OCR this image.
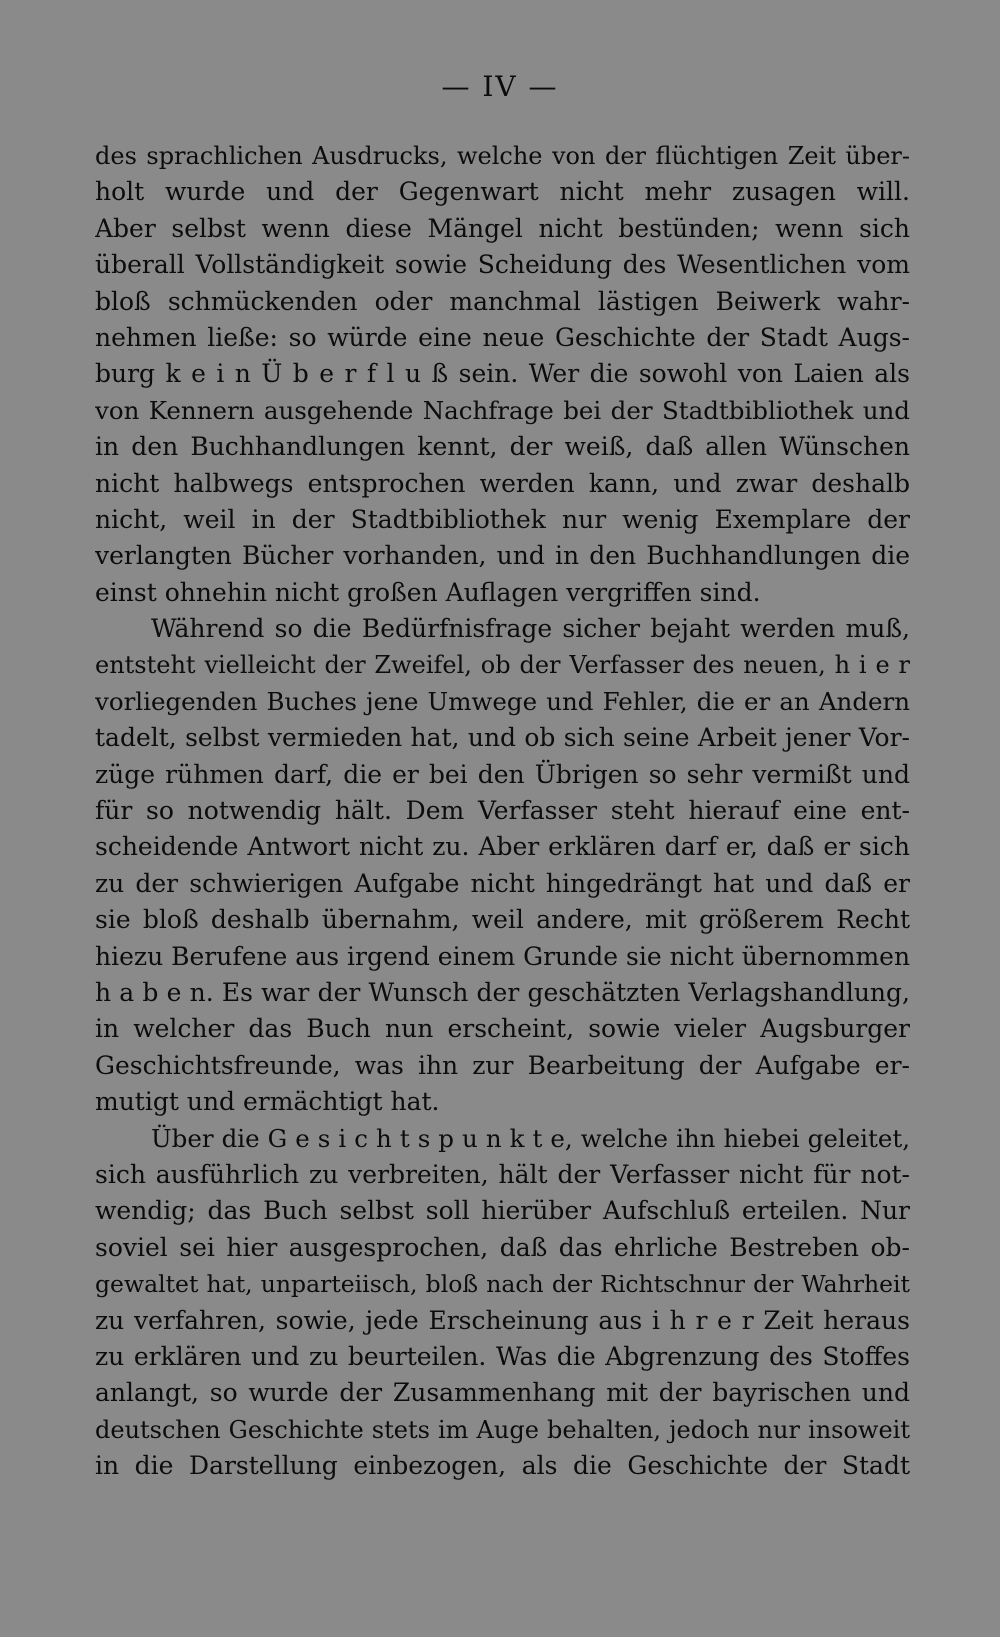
— IV —
des sprachlichen Ausdrucks, welche von der flüchtigen Zeit über-
holt wurde und der Gegenwart nicht mehr zusagen will.
Aber selbst wenn diese Mängel nicht bestünden; wenn sich
überall Vollständigkeit sowie Scheidung des Wesentlichen vom
bloß schmückenden oder manchmal lästigen Beiwerk wahr-
nehmen ließe: so würde eine neue Geschichte der Stadt Augs-
burg k e i n Ü b e r f l u ß sein. Wer die sowohl von Laien als
von Kennern ausgehende Nachfrage bei der Stadtbibliothek und
in den Buchhandlungen kennt, der weiß, daß allen Wünschen
nicht halbwegs entsprochen werden kann, und zwar deshalb
nicht, weil in der Stadtbibliothek nur wenig Exemplare der
verlangten Bücher vorhanden, und in den Buchhandlungen die
einst ohnehin nicht großen Auflagen vergriffen sind.
Während so die Bedürfnisfrage sicher bejaht werden muß,
entsteht vielleicht der Zweifel, ob der Verfasser des neuen, h i e r
vorliegenden Buches jene Umwege und Fehler, die er an Andern
tadelt, selbst vermieden hat, und ob sich seine Arbeit jener Vor-
züge rühmen darf, die er bei den Übrigen so sehr vermißt und
für so notwendig hält. Dem Verfasser steht hierauf eine ent-
scheidende Antwort nicht zu. Aber erklären darf er, daß er sich
zu der schwierigen Aufgabe nicht hingedrängt hat und daß er
sie bloß deshalb übernahm, weil andere, mit größerem Recht
hiezu Berufene aus irgend einem Grunde sie nicht übernommen
h a b e n. Es war der Wunsch der geschätzten Verlagshandlung,
in welcher das Buch nun erscheint, sowie vieler Augsburger
Geschichtsfreunde, was ihn zur Bearbeitung der Aufgabe er-
mutigt und ermächtigt hat.
Über die G e s i c h t s p u n k t e, welche ihn hiebei geleitet,
sich ausführlich zu verbreiten, hält der Verfasser nicht für not-
wendig; das Buch selbst soll hierüber Aufschluß erteilen. Nur
soviel sei hier ausgesprochen, daß das ehrliche Bestreben ob-
gewaltet hat, unparteiisch, bloß nach der Richtschnur der Wahrheit
zu verfahren, sowie, jede Erscheinung aus i h r e r Zeit heraus
zu erklären und zu beurteilen. Was die Abgrenzung des Stoffes
anlangt, so wurde der Zusammenhang mit der bayrischen und
deutschen Geschichte stets im Auge behalten, jedoch nur insoweit
in die Darstellung einbezogen, als die Geschichte der Stadt
